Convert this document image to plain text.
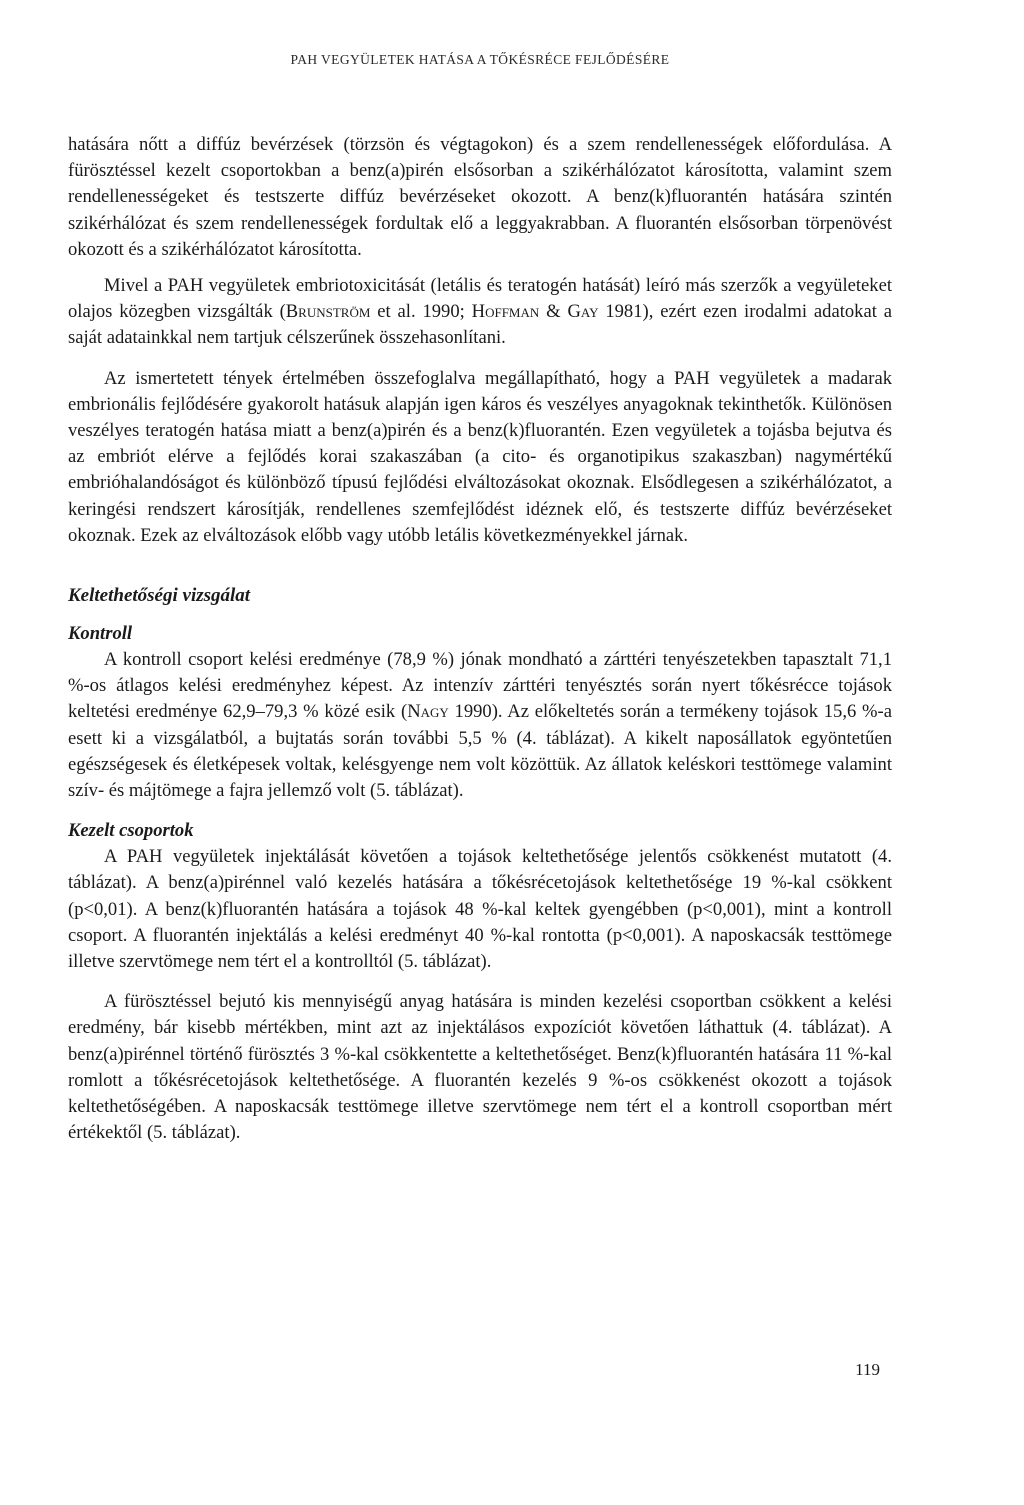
PAH VEGYÜLETEK HATÁSA A TŐKÉSRÉCE FEJLŐDÉSÉRE

hatására nőtt a diffúz bevérzések (törzsön és végtagokon) és a szem rendellenességek előfordulása. A fürösztéssel kezelt csoportokban a benz(a)pirén elsősorban a szikérhálózatot károsította, valamint szem rendellenességeket és testszerte diffúz bevérzéseket okozott. A benz(k)fluorantén hatására szintén szikérhálózat és szem rendellenességek fordultak elő a leggyakrabban. A fluorantén elsősorban törpenövést okozott és a szikérhálózatot károsította.

Mivel a PAH vegyületek embriotoxicitását (letális és teratogén hatását) leíró más szerzők a vegyületeket olajos közegben vizsgálták (Brunström et al. 1990; Hoffman & Gay 1981), ezért ezen irodalmi adatokat a saját adatainkkal nem tartjuk célszerűnek összehasonlítani.

Az ismertetett tények értelmében összefoglalva megállapítható, hogy a PAH vegyületek a madarak embrionális fejlődésére gyakorolt hatásuk alapján igen káros és veszélyes anyagoknak tekinthetők. Különösen veszélyes teratogén hatása miatt a benz(a)pirén és a benz(k)fluorantén. Ezen vegyületek a tojásba bejutva és az embriót elérve a fejlődés korai szakaszában (a cito- és organotipikus szakaszban) nagymértékű embrióhalandóságot és különböző típusú fejlődési elváltozásokat okoznak. Elsődlegesen a szikérhálózatot, a keringési rendszert károsítják, rendellenes szemfejlődést idéznek elő, és testszerte diffúz bevérzéseket okoznak. Ezek az elváltozások előbb vagy utóbb letális következményekkel járnak.

Keltethetőségi vizsgálat
Kontroll

A kontroll csoport kelési eredménye (78,9 %) jónak mondható a zárttéri tenyészetekben tapasztalt 71,1 %-os átlagos kelési eredményhez képest. Az intenzív zárttéri tenyésztés során nyert tőkésrécce tojások keltetési eredménye 62,9–79,3 % közé esik (Nagy 1990). Az előkeltetés során a termékeny tojások 15,6 %-a esett ki a vizsgálatból, a bujtatás során további 5,5 % (4. táblázat). A kikelt naposállatok egyöntetűen egészségesek és életképesek voltak, kelésgyenge nem volt közöttük. Az állatok keléskori testtömege valamint szív- és májtömege a fajra jellemző volt (5. táblázat).

Kezelt csoportok

A PAH vegyületek injektálását követően a tojások keltethetősége jelentős csökkenést mutatott (4. táblázat). A benz(a)pirénnel való kezelés hatására a tőkésrécetojások keltethetősége 19 %-kal csökkent (p<0,01). A benz(k)fluorantén hatására a tojások 48 %-kal keltek gyengébben (p<0,001), mint a kontroll csoport. A fluorantén injektálás a kelési eredményt 40 %-kal rontotta (p<0,001). A naposkacsák testtömege illetve szervtömege nem tért el a kontrolltól (5. táblázat).

A fürösztéssel bejutó kis mennyiségű anyag hatására is minden kezelési csoportban csökkent a kelési eredmény, bár kisebb mértékben, mint azt az injektálásos expozíciót követően láthattuk (4. táblázat). A benz(a)pirénnel történő fürösztés 3 %-kal csökkentette a keltethetőséget. Benz(k)fluorantén hatására 11 %-kal romlott a tőkésrécetojások keltethetősége. A fluorantén kezelés 9 %-os csökkenést okozott a tojások keltethetőségében. A naposkacsák testtömege illetve szervtömege nem tért el a kontroll csoportban mért értékektől (5. táblázat).

119
